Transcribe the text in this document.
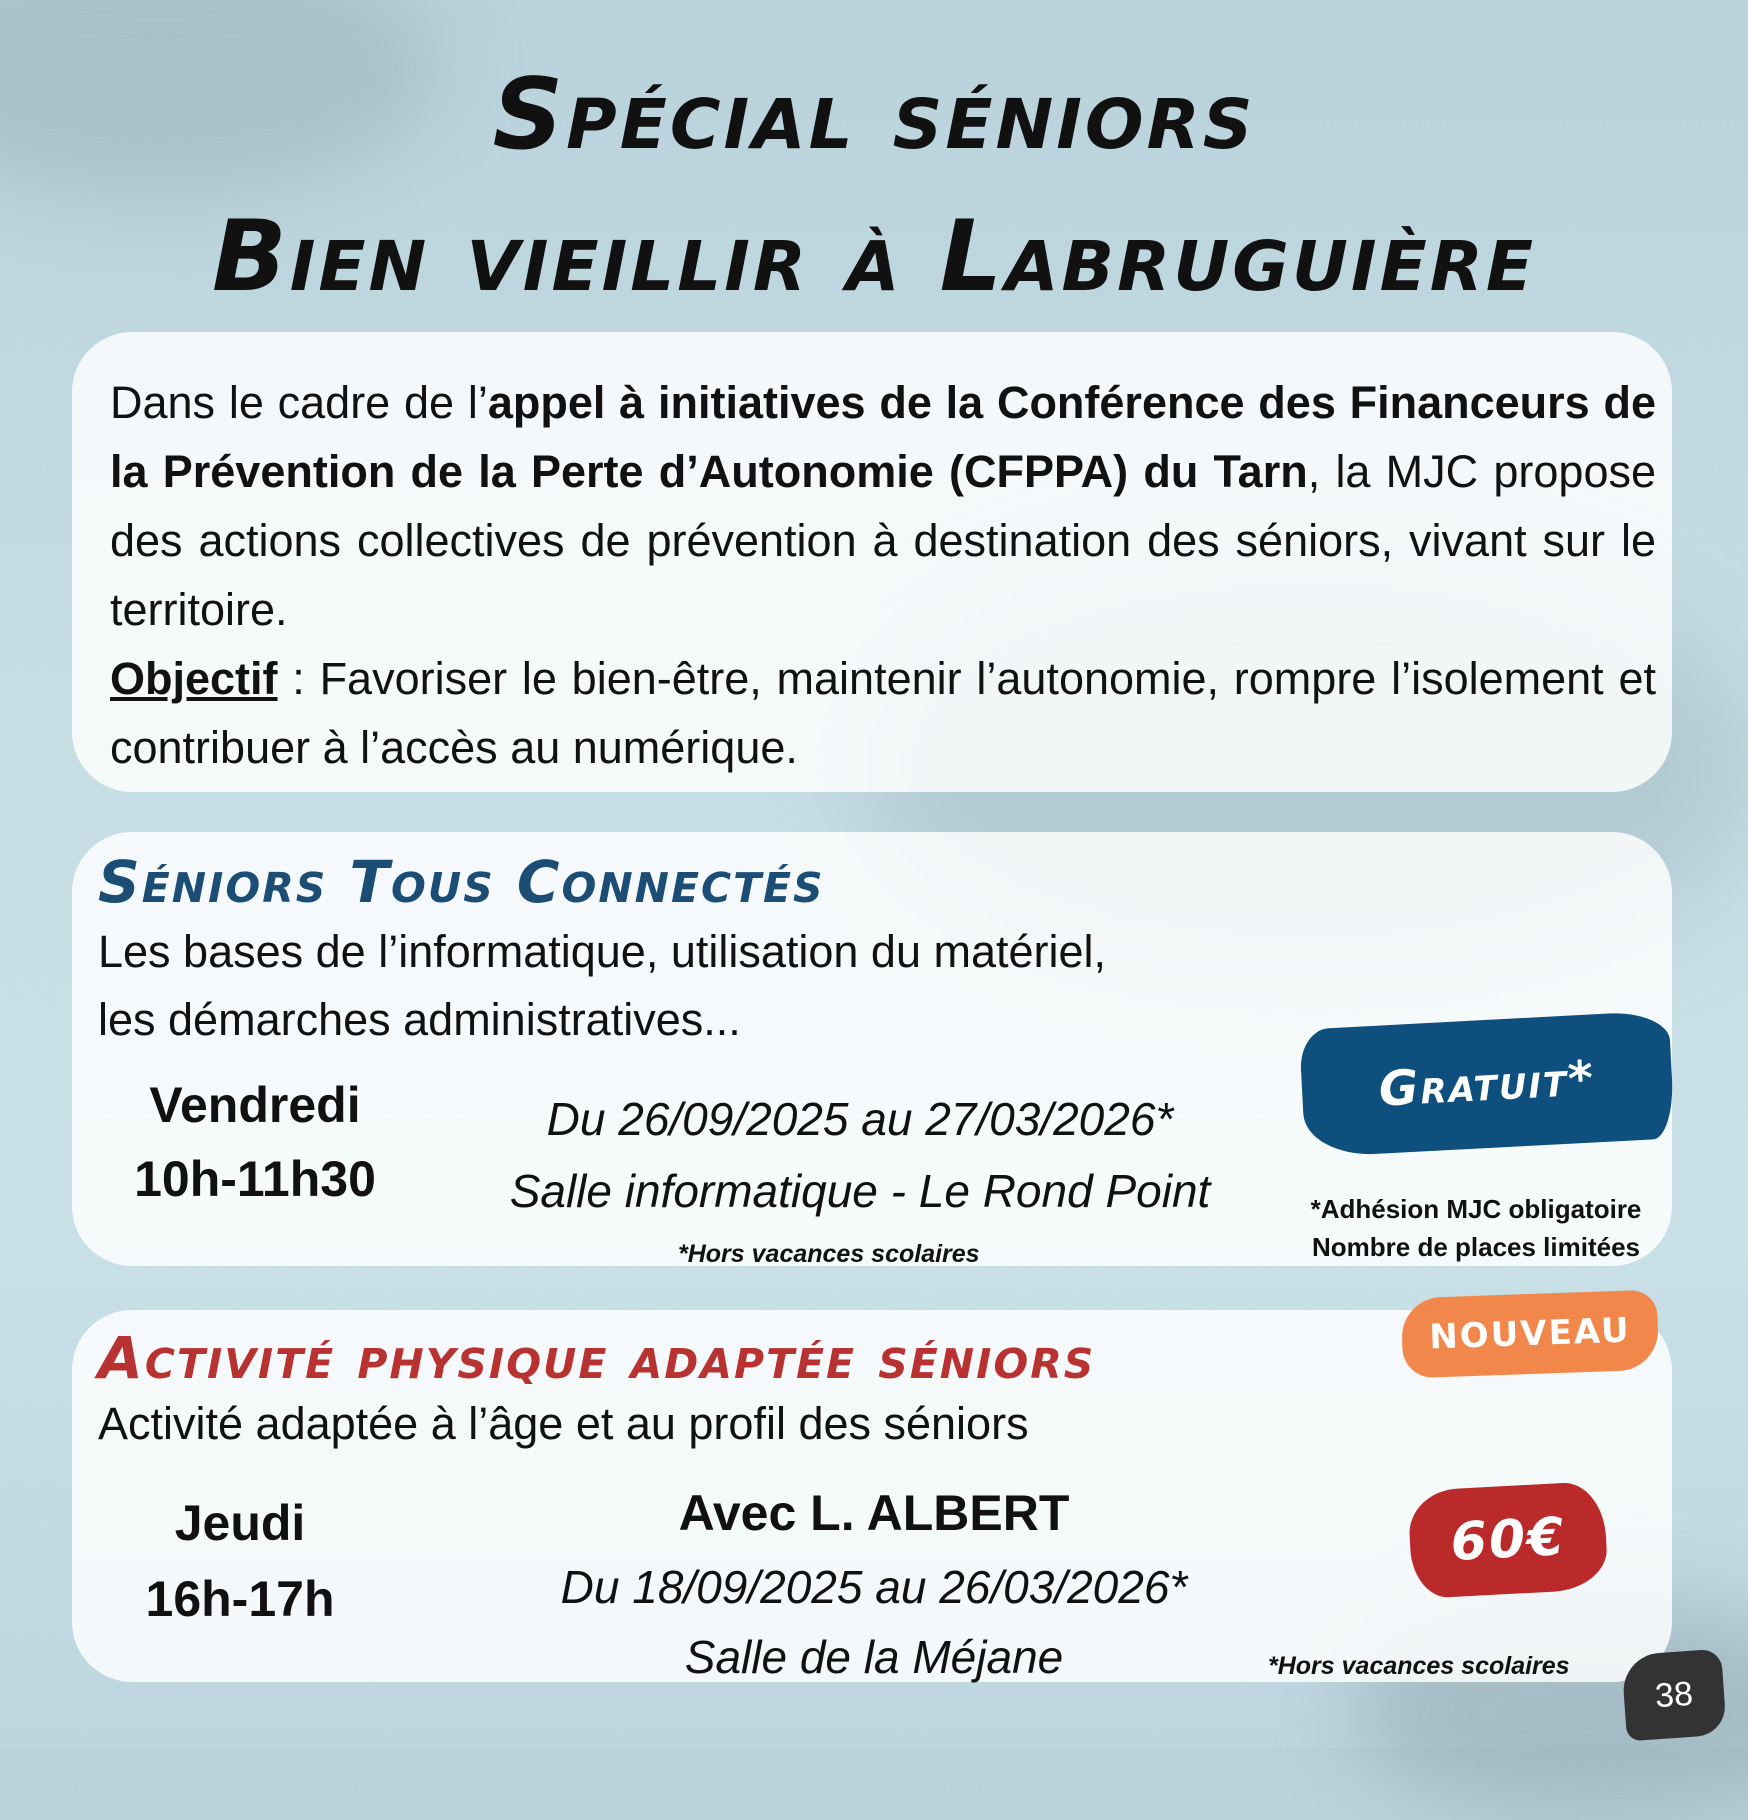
Spécial séniors
Bien vieillir à Labruguière

Dans le cadre de l’appel à initiatives de la Conférence des Financeurs de la Prévention de la Perte d’Autonomie (CFPPA) du Tarn, la MJC propose des actions collectives de prévention à destination des séniors, vivant sur le territoire.

Objectif : Favoriser le bien-être, maintenir l’autonomie, rompre l’isolement et contribuer à l’accès au numérique.

Séniors Tous Connectés
Les bases de l’informatique, utilisation du matériel,
les démarches administratives...
Vendredi
10h-11h30
Du 26/09/2025 au 27/03/2026*
Salle informatique - Le Rond Point
*Hors vacances scolaires
Gratuit*
*Adhésion MJC obligatoire
Nombre de places limitées
Activité physique adaptée séniors
Activité adaptée à l’âge et au profil des séniors
Jeudi
16h-17h
Avec L. ALBERT
Du 18/09/2025 au 26/03/2026*
Salle de la Méjane	*Hors vacances scolaires
NOUVEAU
60€
38
